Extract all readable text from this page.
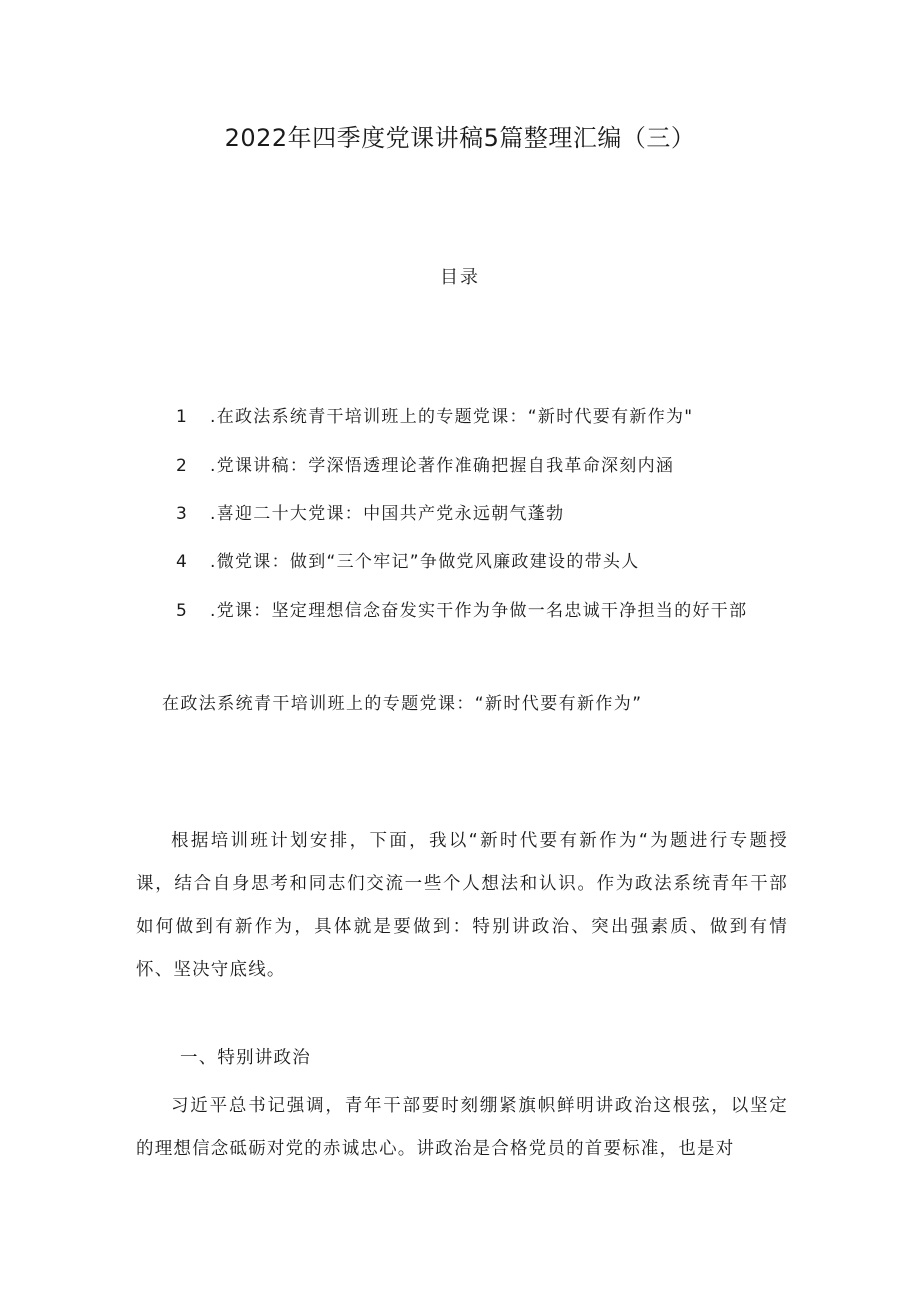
2022年四季度党课讲稿5篇整理汇编（三）
目录
1 .在政法系统青干培训班上的专题党课：“新时代要有新作为"
2 .党课讲稿：学深悟透理论著作准确把握自我革命深刻内涵
3 .喜迎二十大党课：中国共产党永远朝气蓬勃
4 .微党课：做到“三个牢记”争做党风廉政建设的带头人
5 .党课：坚定理想信念奋发实干作为争做一名忠诚干净担当的好干部
在政法系统青干培训班上的专题党课：“新时代要有新作为”

根据培训班计划安排，下面，我以“新时代要有新作为“为题进行专题授课，结合自身思考和同志们交流一些个人想法和认识。作为政法系统青年干部如何做到有新作为，具体就是要做到：特别讲政治、突出强素质、做到有情怀、坚决守底线。

一、特别讲政治

习近平总书记强调，青年干部要时刻绷紧旗帜鲜明讲政治这根弦，以坚定的理想信念砥砺对党的赤诚忠心。讲政治是合格党员的首要标准，也是对
